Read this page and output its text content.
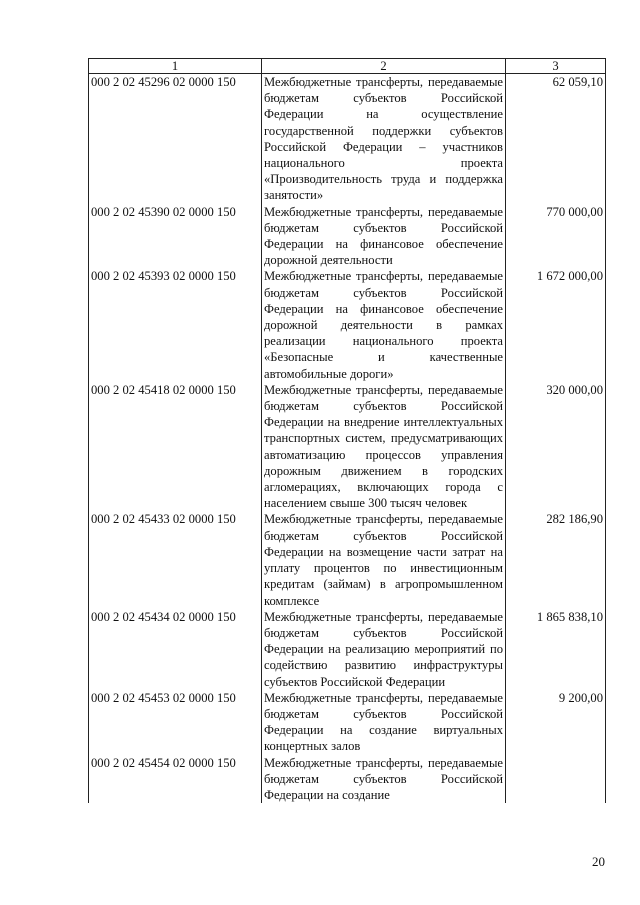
1	2	3
000 2 02 45296 02 0000 150	Межбюджетные трансферты, передаваемые бюджетам субъектов Российской Федерации на осуществление государственной поддержки субъектов Российской Федерации – участников национального проекта «Производительность труда и поддержка занятости»	62 059,10
000 2 02 45390 02 0000 150	Межбюджетные трансферты, передаваемые бюджетам субъектов Российской Федерации на финансовое обеспечение дорожной деятельности	770 000,00
000 2 02 45393 02 0000 150	Межбюджетные трансферты, передаваемые бюджетам субъектов Российской Федерации на финансовое обеспечение дорожной деятельности в рамках реализации национального проекта «Безопасные и качественные автомобильные дороги»	1 672 000,00
000 2 02 45418 02 0000 150	Межбюджетные трансферты, передаваемые бюджетам субъектов Российской Федерации на внедрение интеллектуальных транспортных систем, предусматривающих автоматизацию процессов управления дорожным движением в городских агломерациях, включающих города с населением свыше 300 тысяч человек	320 000,00
000 2 02 45433 02 0000 150	Межбюджетные трансферты, передаваемые бюджетам субъектов Российской Федерации на возмещение части затрат на уплату процентов по инвестиционным кредитам (займам) в агропромышленном комплексе	282 186,90
000 2 02 45434 02 0000 150	Межбюджетные трансферты, передаваемые бюджетам субъектов Российской Федерации на реализацию мероприятий по содействию развитию инфраструктуры субъектов Российской Федерации	1 865 838,10
000 2 02 45453 02 0000 150	Межбюджетные трансферты, передаваемые бюджетам субъектов Российской Федерации на создание виртуальных концертных залов	9 200,00
000 2 02 45454 02 0000 150	Межбюджетные трансферты, передаваемые бюджетам субъектов Российской Федерации на создание	
20
